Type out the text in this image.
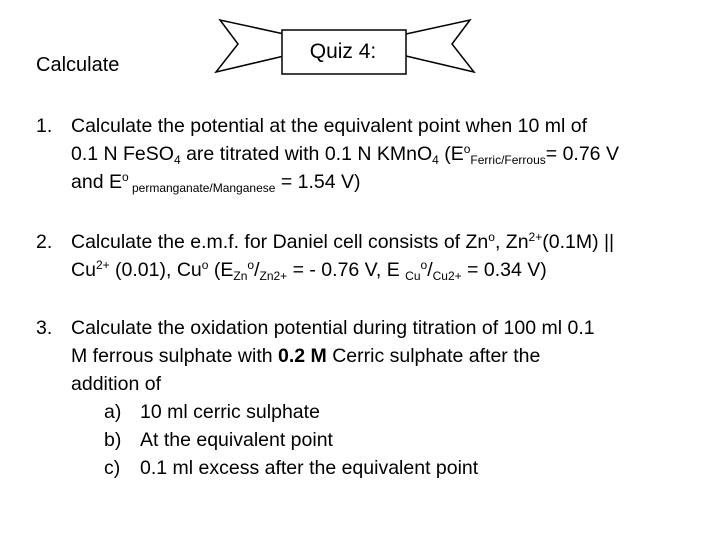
Calculate
Quiz 4:
1. Calculate the potential at the equivalent point when 10 ml of
0.1 N FeSO$_4$ are titrated with 0.1 N KMnO$_4$ ($E^o_{Ferric/Ferrous}= 0.76$ V
and $E^o$ $_{permanganate/Manganese}$ = 1.54 V)
2. Calculate the e.m.f. for Daniel cell consists of Zn$^o$, $Zn^{2+}(0.1M)$ ||
$Cu^{2+}$ (0.01), Cu$^o$ ($E_{Zn}^o/_{Zn2+}$ = - 0.76 V, E $_{Cu}^o/_{Cu2+} = 0.34$ V)
3. Calculate the oxidation potential during titration of 100 ml 0.1
M ferrous sulphate with 0.2 M Cerric sulphate after the
addition of
a) 10 ml cerric sulphate
b) At the equivalent point
c) 0.1 ml excess after the equivalent point
